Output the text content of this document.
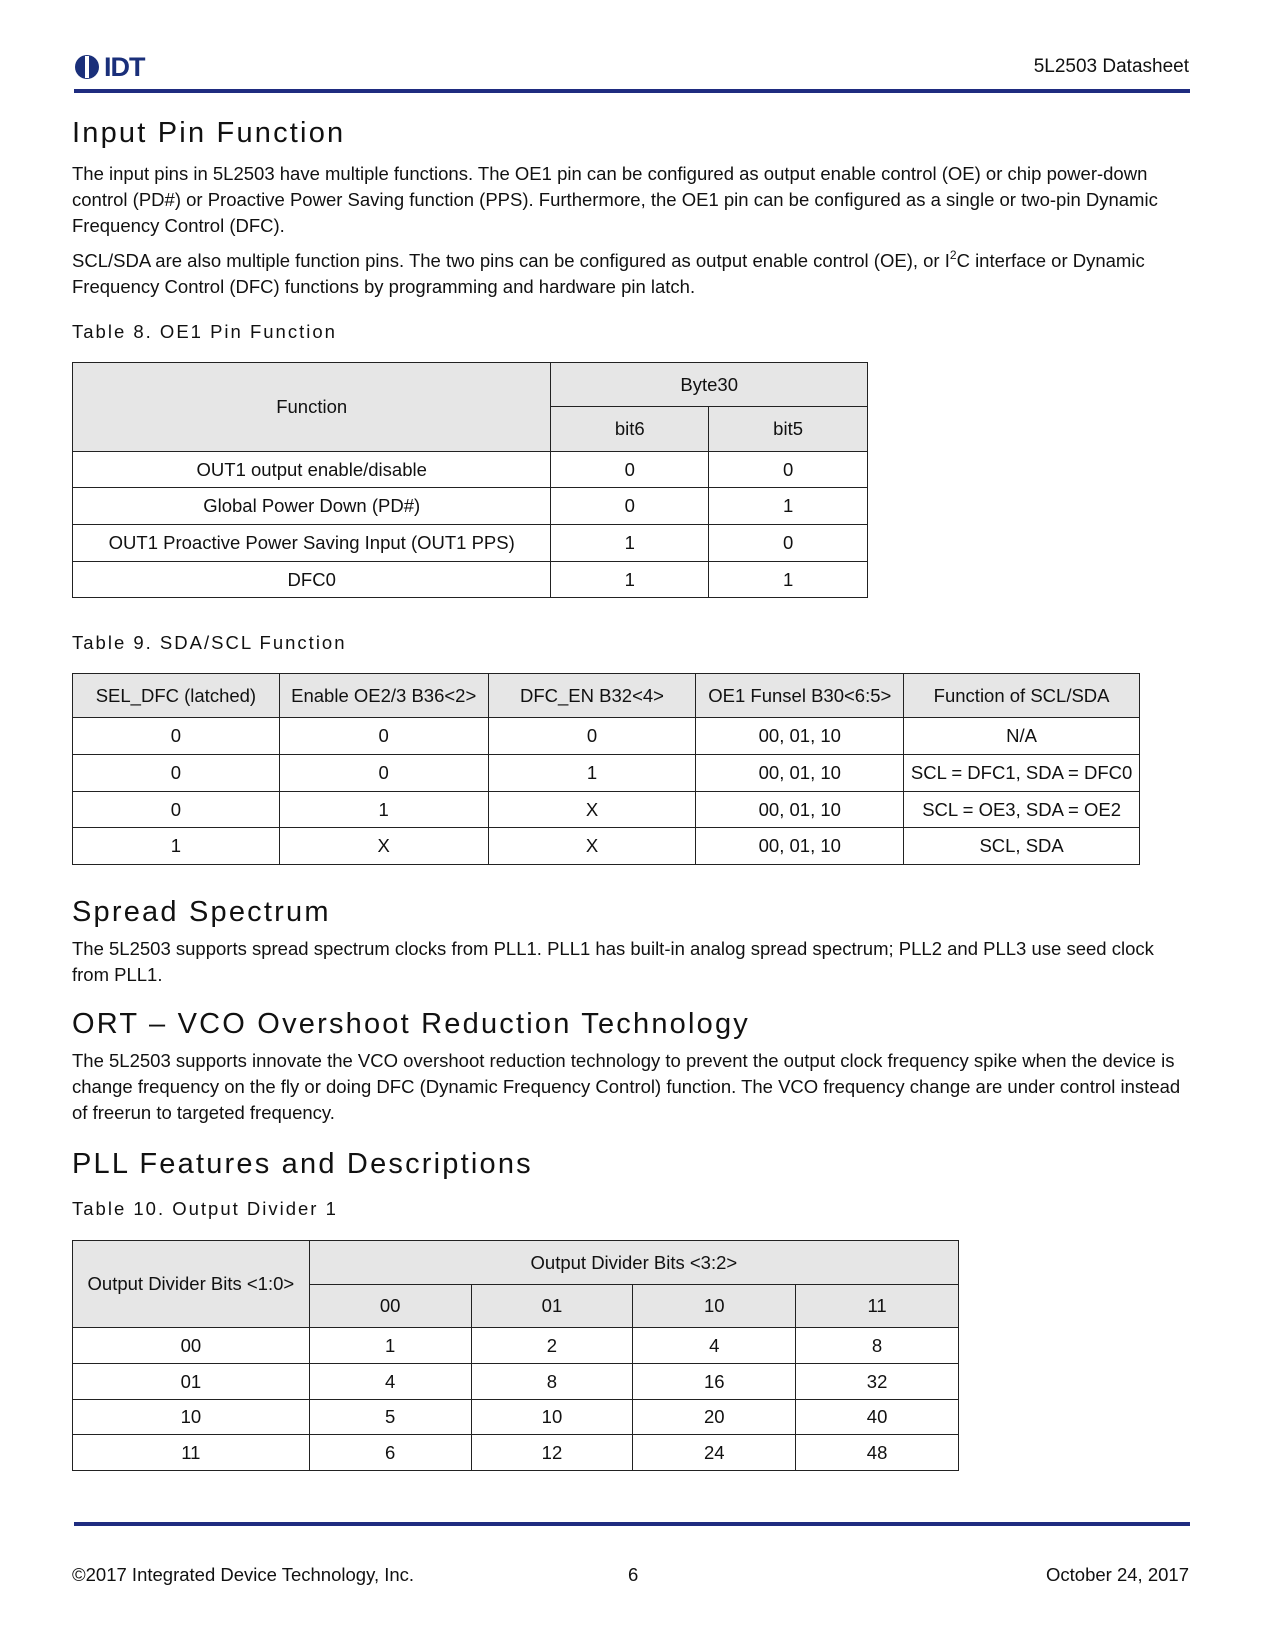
IDT	5L2503 Datasheet
Input Pin Function

The input pins in 5L2503 have multiple functions. The OE1 pin can be configured as output enable control (OE) or chip power-down control (PD#) or Proactive Power Saving function (PPS). Furthermore, the OE1 pin can be configured as a single or two-pin Dynamic Frequency Control (DFC).

SCL/SDA are also multiple function pins. The two pins can be configured as output enable control (OE), or $I^2C$ interface or Dynamic Frequency Control (DFC) functions by programming and hardware pin latch.

Table 8. OE1 Pin Function
Function	Byte30	
	bit6	bit5
OUT1 output enable/disable	0	0
Global Power Down (PD#)	0	1
OUT1 Proactive Power Saving Input (OUT1 PPS)	1	0
DFC0	1	1
Table 9. SDA/SCL Function
SEL_DFC (latched)	Enable OE2/3 B36<2>	DFC_EN B32<4>	OE1 Funsel B30<6:5>	Function of SCL/SDA
0	0	0	00, 01, 10	N/A
0	0	1	00, 01, 10	SCL = DFC1, SDA = DFC0
0	1	X	00, 01, 10	SCL = OE3, SDA = OE2
1	X	X	00, 01, 10	SCL, SDA
Spread Spectrum

The 5L2503 supports spread spectrum clocks from PLL1. PLL1 has built-in analog spread spectrum; PLL2 and PLL3 use seed clock from PLL1.

ORT – VCO Overshoot Reduction Technology

The 5L2503 supports innovate the VCO overshoot reduction technology to prevent the output clock frequency spike when the device is change frequency on the fly or doing DFC (Dynamic Frequency Control) function. The VCO frequency change are under control instead of freerun to targeted frequency.

PLL Features and Descriptions
Table 10. Output Divider 1
Output Divider Bits <1:0>	Output Divider Bits <3:2>			
	00	01	10	11
00	1	2	4	8
01	4	8	16	32
10	5	10	20	40
11	6	12	24	48
©2017 Integrated Device Technology, Inc.	6	October 24, 2017
